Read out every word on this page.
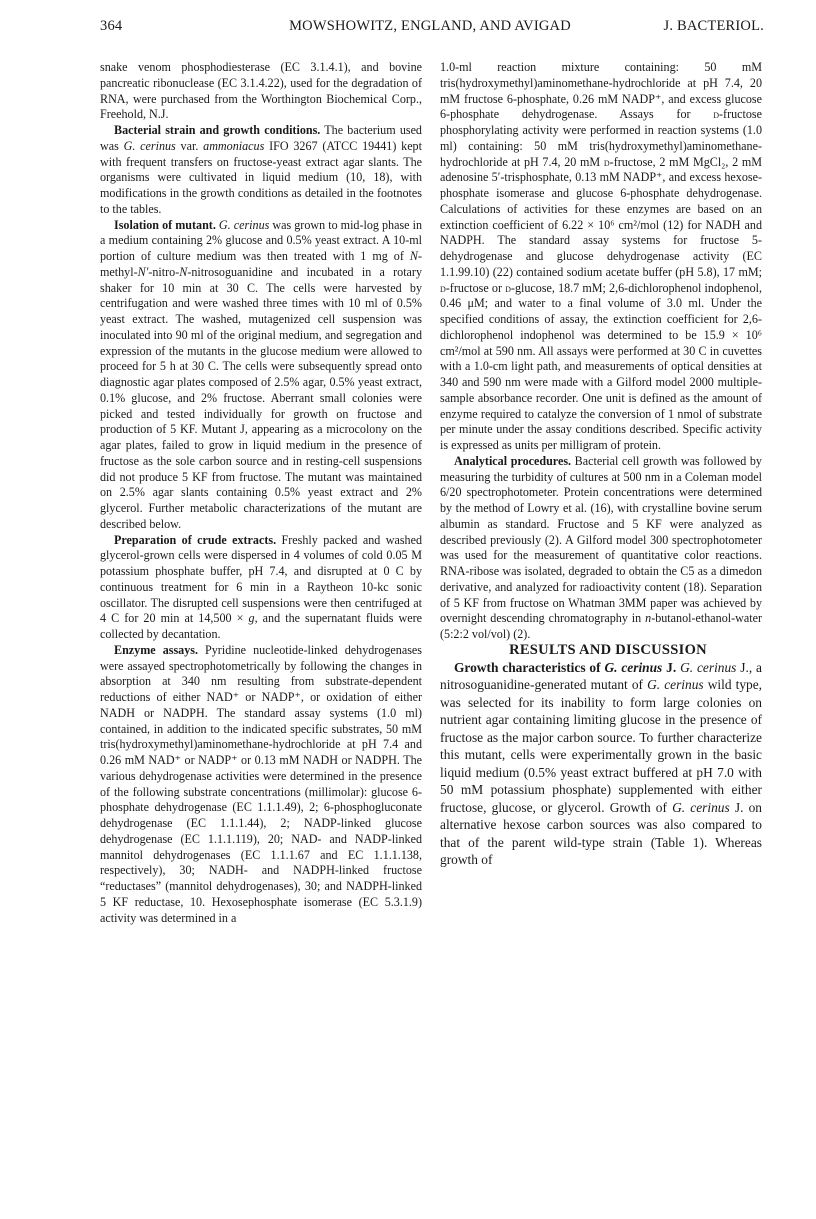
364	MOWSHOWITZ, ENGLAND, AND AVIGAD	J. BACTERIOL.

snake venom phosphodiesterase (EC 3.1.4.1), and bovine pancreatic ribonuclease (EC 3.1.4.22), used for the degradation of RNA, were purchased from the Worthington Biochemical Corp., Freehold, N.J.

Bacterial strain and growth conditions. The bacterium used was G. cerinus var. ammoniacus IFO 3267 (ATCC 19441) kept with frequent transfers on fructose-yeast extract agar slants. The organisms were cultivated in liquid medium (10, 18), with modifications in the growth conditions as detailed in the footnotes to the tables.

Isolation of mutant. G. cerinus was grown to mid-log phase in a medium containing 2% glucose and 0.5% yeast extract. A 10-ml portion of culture medium was then treated with 1 mg of N-methyl-N′-nitro-N-nitrosoguanidine and incubated in a rotary shaker for 10 min at 30 C. The cells were harvested by centrifugation and were washed three times with 10 ml of 0.5% yeast extract. The washed, mutagenized cell suspension was inoculated into 90 ml of the original medium, and segregation and expression of the mutants in the glucose medium were allowed to proceed for 5 h at 30 C. The cells were subsequently spread onto diagnostic agar plates composed of 2.5% agar, 0.5% yeast extract, 0.1% glucose, and 2% fructose. Aberrant small colonies were picked and tested individually for growth on fructose and production of 5 KF. Mutant J, appearing as a microcolony on the agar plates, failed to grow in liquid medium in the presence of fructose as the sole carbon source and in resting-cell suspensions did not produce 5 KF from fructose. The mutant was maintained on 2.5% agar slants containing 0.5% yeast extract and 2% glycerol. Further metabolic characterizations of the mutant are described below.

Preparation of crude extracts. Freshly packed and washed glycerol-grown cells were dispersed in 4 volumes of cold 0.05 M potassium phosphate buffer, pH 7.4, and disrupted at 0 C by continuous treatment for 6 min in a Raytheon 10-kc sonic oscillator. The disrupted cell suspensions were then centrifuged at 4 C for 20 min at 14,500 × g, and the supernatant fluids were collected by decantation.

Enzyme assays. Pyridine nucleotide-linked dehydrogenases were assayed spectrophotometrically by following the changes in absorption at 340 nm resulting from substrate-dependent reductions of either NAD⁺ or NADP⁺, or oxidation of either NADH or NADPH. The standard assay systems (1.0 ml) contained, in addition to the indicated specific substrates, 50 mM tris(hydroxymethyl)aminomethane-hydrochloride at pH 7.4 and 0.26 mM NAD⁺ or NADP⁺ or 0.13 mM NADH or NADPH. The various dehydrogenase activities were determined in the presence of the following substrate concentrations (millimolar): glucose 6-phosphate dehydrogenase (EC 1.1.1.49), 2; 6-phosphogluconate dehydrogenase (EC 1.1.1.44), 2; NADP-linked glucose dehydrogenase (EC 1.1.1.119), 20; NAD- and NADP-linked mannitol dehydrogenases (EC 1.1.1.67 and EC 1.1.1.138, respectively), 30; NADH- and NADPH-linked fructose “reductases” (mannitol dehydrogenases), 30; and NADPH-linked 5 KF reductase, 10. Hexosephosphate isomerase (EC 5.3.1.9) activity was determined in a

1.0-ml reaction mixture containing: 50 mM tris(hydroxymethyl)aminomethane-hydrochloride at pH 7.4, 20 mM fructose 6-phosphate, 0.26 mM NADP⁺, and excess glucose 6-phosphate dehydrogenase. Assays for d-fructose phosphorylating activity were performed in reaction systems (1.0 ml) containing: 50 mM tris(hydroxymethyl)aminomethane-hydrochloride at pH 7.4, 20 mM d-fructose, 2 mM MgCl₂, 2 mM adenosine 5′-trisphosphate, 0.13 mM NADP⁺, and excess hexose-phosphate isomerase and glucose 6-phosphate dehydrogenase. Calculations of activities for these enzymes are based on an extinction coefficient of 6.22 × 10⁶ cm²/mol (12) for NADH and NADPH. The standard assay systems for fructose 5-dehydrogenase and glucose dehydrogenase activity (EC 1.1.99.10) (22) contained sodium acetate buffer (pH 5.8), 17 mM; d-fructose or d-glucose, 18.7 mM; 2,6-dichlorophenol indophenol, 0.46 μM; and water to a final volume of 3.0 ml. Under the specified conditions of assay, the extinction coefficient for 2,6-dichlorophenol indophenol was determined to be 15.9 × 10⁶ cm²/mol at 590 nm. All assays were performed at 30 C in cuvettes with a 1.0-cm light path, and measurements of optical densities at 340 and 590 nm were made with a Gilford model 2000 multiple-sample absorbance recorder. One unit is defined as the amount of enzyme required to catalyze the conversion of 1 nmol of substrate per minute under the assay conditions described. Specific activity is expressed as units per milligram of protein.

Analytical procedures. Bacterial cell growth was followed by measuring the turbidity of cultures at 500 nm in a Coleman model 6/20 spectrophotometer. Protein concentrations were determined by the method of Lowry et al. (16), with crystalline bovine serum albumin as standard. Fructose and 5 KF were analyzed as described previously (2). A Gilford model 300 spectrophotometer was used for the measurement of quantitative color reactions. RNA-ribose was isolated, degraded to obtain the C5 as a dimedon derivative, and analyzed for radioactivity content (18). Separation of 5 KF from fructose on Whatman 3MM paper was achieved by overnight descending chromatography in n-butanol-ethanol-water (5:2:2 vol/vol) (2).

RESULTS AND DISCUSSION

Growth characteristics of G. cerinus J. G. cerinus J., a nitrosoguanidine-generated mutant of G. cerinus wild type, was selected for its inability to form large colonies on nutrient agar containing limiting glucose in the presence of fructose as the major carbon source. To further characterize this mutant, cells were experimentally grown in the basic liquid medium (0.5% yeast extract buffered at pH 7.0 with 50 mM potassium phosphate) supplemented with either fructose, glucose, or glycerol. Growth of G. cerinus J. on alternative hexose carbon sources was also compared to that of the parent wild-type strain (Table 1). Whereas growth of
